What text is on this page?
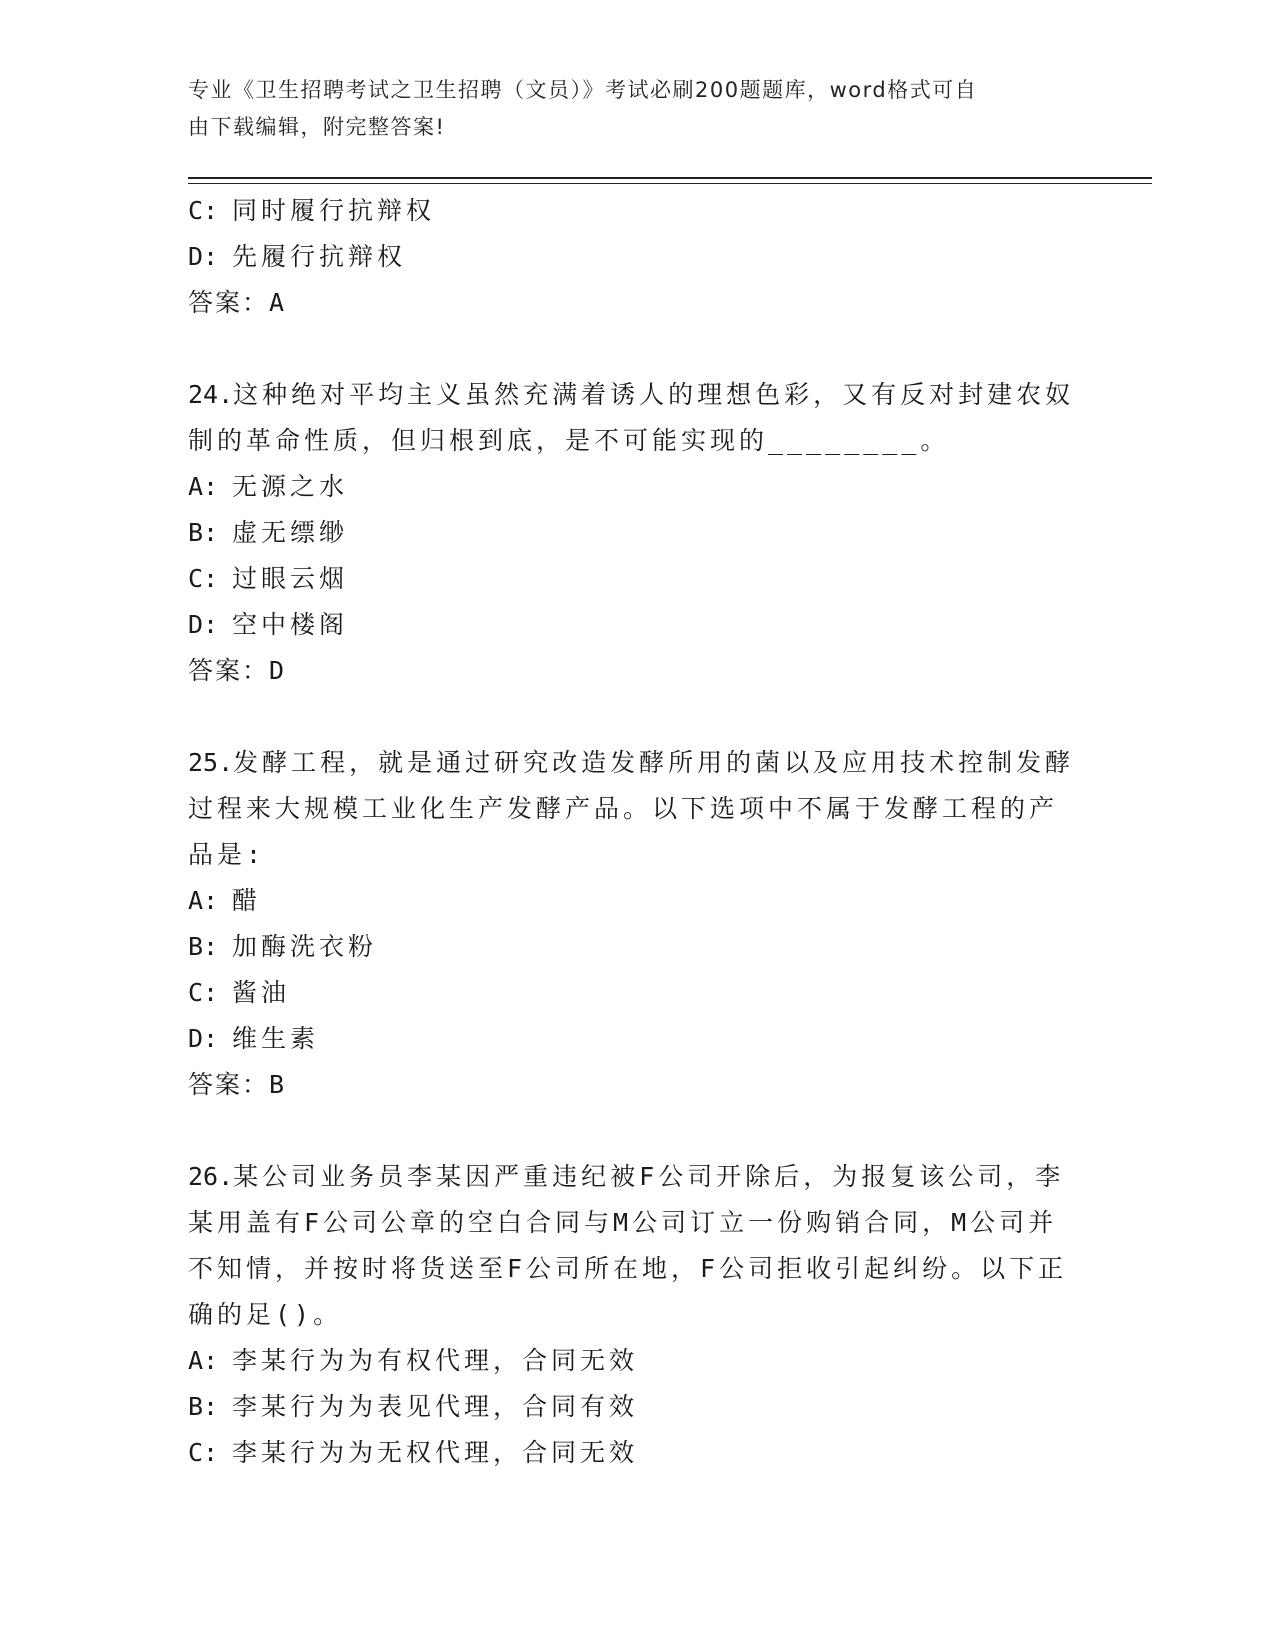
专业《卫生招聘考试之卫生招聘（文员）》考试必刷200题题库，word格式可自
由下载编辑，附完整答案!
C: 同时履行抗辩权
D: 先履行抗辩权
答案：A
24.这种绝对平均主义虽然充满着诱人的理想色彩，又有反对封建农奴
制的革命性质，但归根到底，是不可能实现的________。
A: 无源之水
B: 虚无缥缈
C: 过眼云烟
D: 空中楼阁
答案：D
25.发酵工程，就是通过研究改造发酵所用的菌以及应用技术控制发酵
过程来大规模工业化生产发酵产品。以下选项中不属于发酵工程的产
品是:
A: 醋
B: 加酶洗衣粉
C: 酱油
D: 维生素
答案：B
26.某公司业务员李某因严重违纪被F公司开除后，为报复该公司，李
某用盖有F公司公章的空白合同与M公司订立一份购销合同，M公司并
不知情，并按时将货送至F公司所在地，F公司拒收引起纠纷。以下正
确的足()。
A: 李某行为为有权代理，合同无效
B: 李某行为为表见代理，合同有效
C: 李某行为为无权代理，合同无效
